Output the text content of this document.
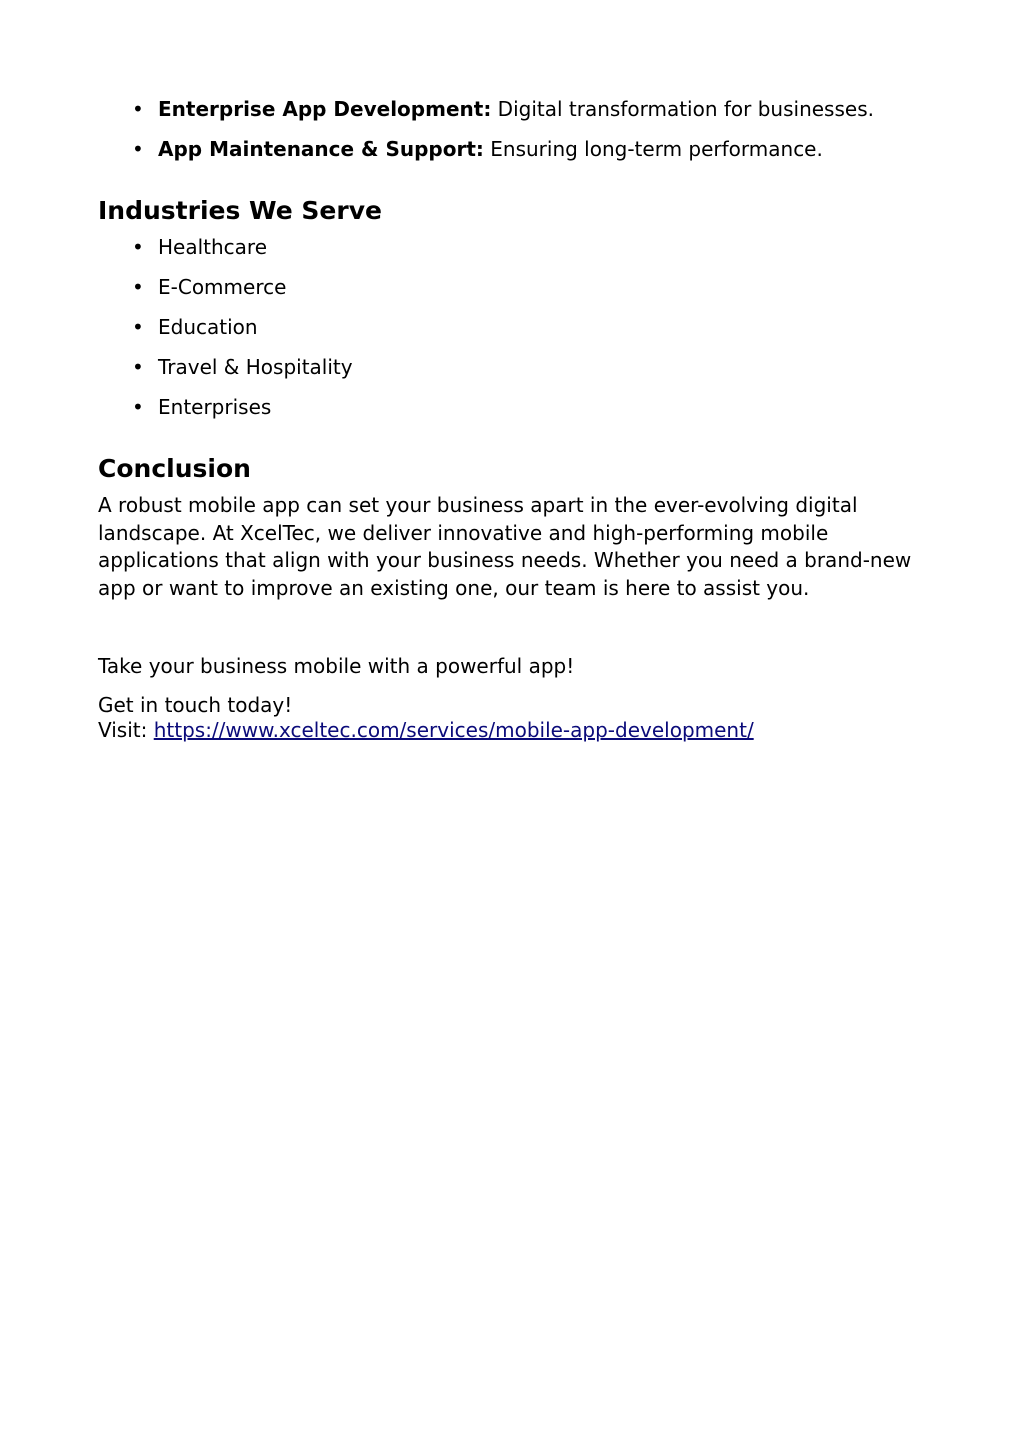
• Enterprise App Development: Digital transformation for businesses.
• App Maintenance & Support: Ensuring long-term performance.
Industries We Serve
• Healthcare
• E-Commerce
• Education
• Travel & Hospitality
• Enterprises
Conclusion

A robust mobile app can set your business apart in the ever-evolving digital landscape. At XcelTec, we deliver innovative and high-performing mobile applications that align with your business needs. Whether you need a brand-new app or want to improve an existing one, our team is here to assist you.

Take your business mobile with a powerful app!
Get in touch today!
Visit: https://www.xceltec.com/services/mobile-app-development/
